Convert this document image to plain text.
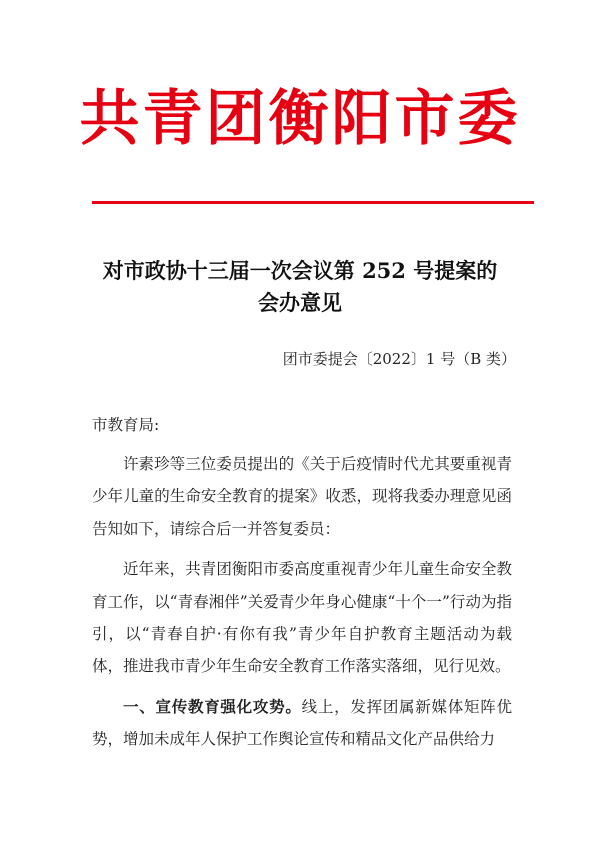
共青团衡阳市委
对市政协十三届一次会议第 252 号提案的
会办意见
团市委提会〔2022〕1 号（B 类）
市教育局:

许素珍等三位委员提出的《关于后疫情时代尤其要重视青少年儿童的生命安全教育的提案》收悉，现将我委办理意见函告知如下，请综合后一并答复委员：

近年来，共青团衡阳市委高度重视青少年儿童生命安全教育工作，以“青春湘伴”关爱青少年身心健康“十个一”行动为指引，以“青春自护·有你有我”青少年自护教育主题活动为载体，推进我市青少年生命安全教育工作落实落细，见行见效。

一、宣传教育强化攻势。线上，发挥团属新媒体矩阵优势，增加未成年人保护工作舆论宣传和精品文化产品供给力
